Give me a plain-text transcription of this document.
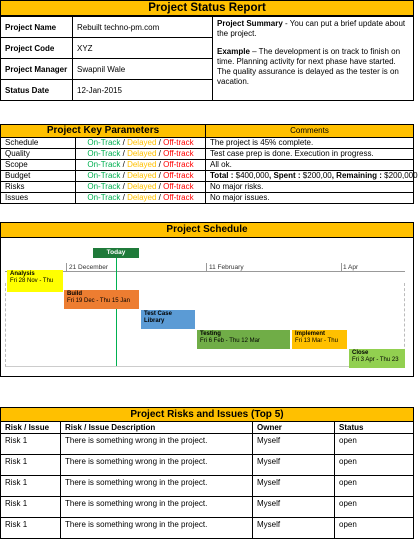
Project Status Report
Project Name	Rebuilt techno-pm.com	Project Summary - You can put a brief update about the project.
Example – The development is on track to finish on time. Planning activity for next phase have started. The quality assurance is delayed as the tester is on vacation.

Project Code	XYZ	
Project Manager	Swapnil Wale	
Status Date	12-Jan-2015	
Project Key Parameters		Comments
Schedule	On-Track / Delayed / Off-track	The project is 45% complete.
Quality	On-Track / Delayed / Off-track	Test case prep is done. Execution in progress.
Scope	On-Track / Delayed / Off-track	All ok.
Budget	On-Track / Delayed / Off-track	Total : $400,000, Spent : $200,00, Remaining : $200,000
Risks	On-Track / Delayed / Off-track	No major risks.
Issues	On-Track / Delayed / Off-track	No major issues.
Project Schedule
Today
21 December	11 February	1 Apr
Analysis
Fri 28 Nov - Thu
Build
Fri 19 Dec - Thu 15 Jan
Test Case Library
Testing
Fri 6 Feb - Thu 12 Mar
Implement
Fri 13 Mar - Thu
Close
Fri 3 Apr - Thu 23
Project Risks and Issues (Top 5)			
Risk / Issue	Risk / Issue Description	Owner	Status
Risk 1	There is something wrong in the project.	Myself	open
Risk 1	There is something wrong in the project.	Myself	open
Risk 1	There is something wrong in the project.	Myself	open
Risk 1	There is something wrong in the project.	Myself	open
Risk 1	There is something wrong in the project.	Myself	open
